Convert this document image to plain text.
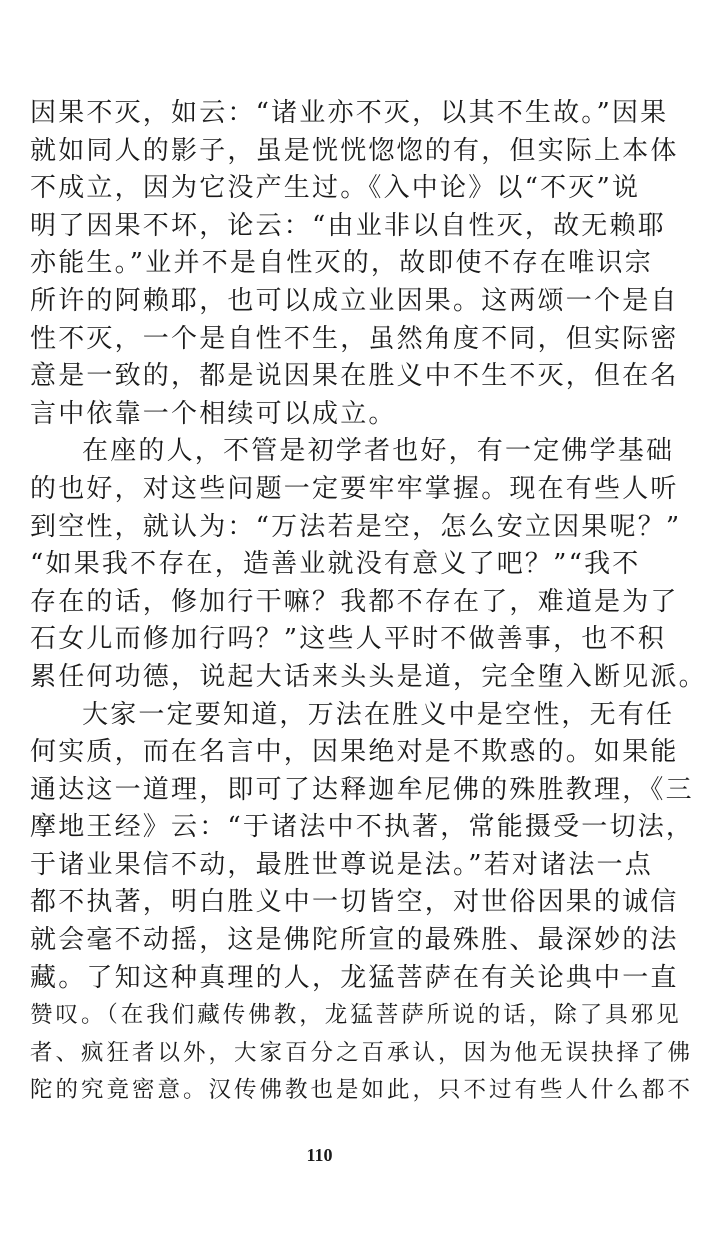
因果不灭，如云：“诸业亦不灭，以其不生故。”因果
就如同人的影子，虽是恍恍惚惚的有，但实际上本体
不成立，因为它没产生过。《入中论》以“不灭”说
明了因果不坏，论云：“由业非以自性灭，故无赖耶
亦能生。”业并不是自性灭的，故即使不存在唯识宗
所许的阿赖耶，也可以成立业因果。这两颂一个是自
性不灭，一个是自性不生，虽然角度不同，但实际密
意是一致的，都是说因果在胜义中不生不灭，但在名
言中依靠一个相续可以成立。
在座的人，不管是初学者也好，有一定佛学基础
的也好，对这些问题一定要牢牢掌握。现在有些人听
到空性，就认为：“万法若是空，怎么安立因果呢？”
“如果我不存在，造善业就没有意义了吧？”“我不
存在的话，修加行干嘛？我都不存在了，难道是为了
石女儿而修加行吗？”这些人平时不做善事，也不积
累任何功德，说起大话来头头是道，完全堕入断见派。
大家一定要知道，万法在胜义中是空性，无有任
何实质，而在名言中，因果绝对是不欺惑的。如果能
通达这一道理，即可了达释迦牟尼佛的殊胜教理，《三
摩地王经》云：“于诸法中不执著，常能摄受一切法，
于诸业果信不动，最胜世尊说是法。”若对诸法一点
都不执著，明白胜义中一切皆空，对世俗因果的诚信
就会毫不动摇，这是佛陀所宣的最殊胜、最深妙的法
藏。了知这种真理的人，龙猛菩萨在有关论典中一直
赞叹。（在我们藏传佛教，龙猛菩萨所说的话，除了具邪见
者、疯狂者以外，大家百分之百承认，因为他无误抉择了佛
陀的究竟密意。汉传佛教也是如此，只不过有些人什么都不
110
